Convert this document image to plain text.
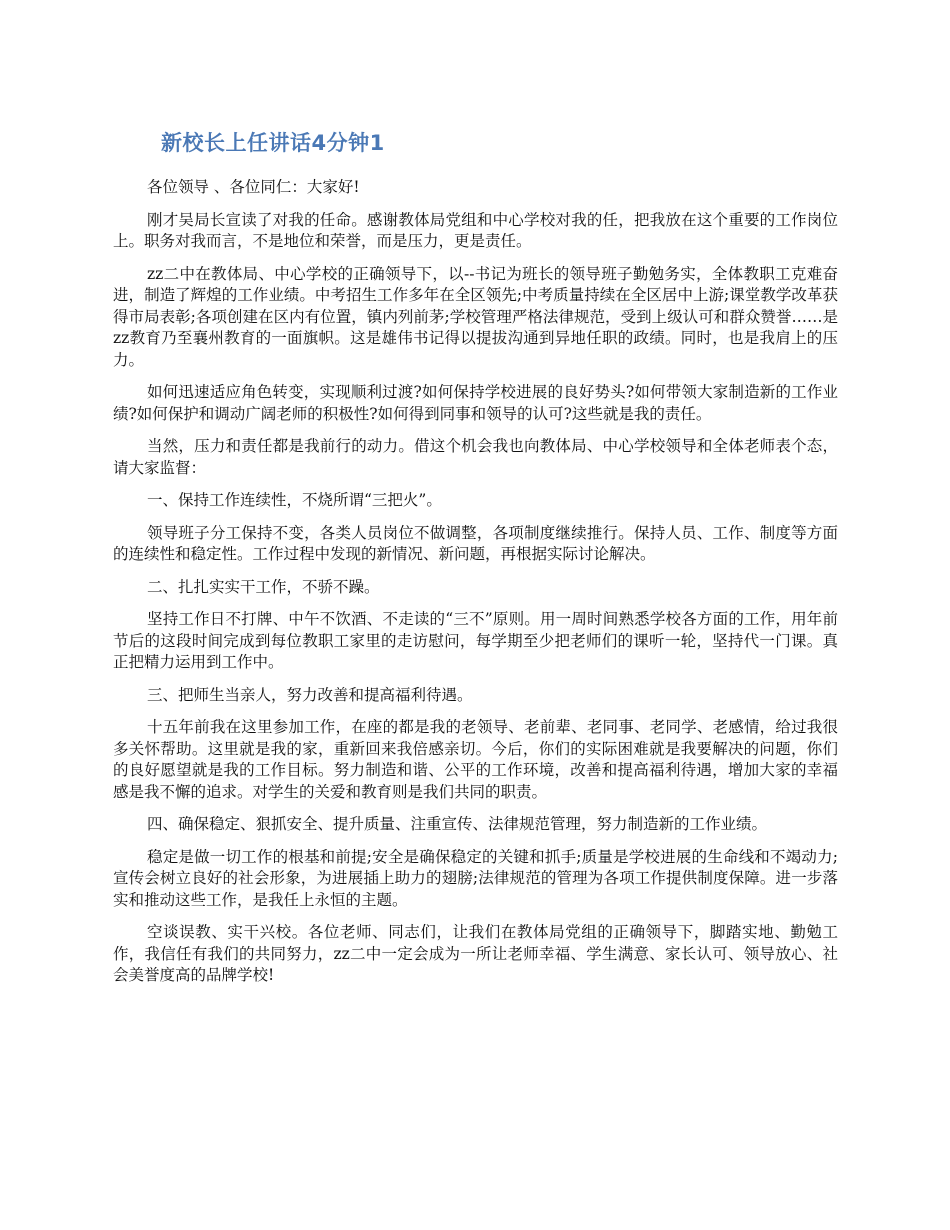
新校长上任讲话4分钟1

各位领导 、各位同仁：大家好!

刚才吴局长宣读了对我的任命。感谢教体局党组和中心学校对我的任，把我放在这个重要的工作岗位上。职务对我而言，不是地位和荣誉，而是压力，更是责任。

zz二中在教体局、中心学校的正确领导下，以--书记为班长的领导班子勤勉务实，全体教职工克难奋进，制造了辉煌的工作业绩。中考招生工作多年在全区领先;中考质量持续在全区居中上游;课堂教学改革获得市局表彰;各项创建在区内有位置，镇内列前茅;学校管理严格法律规范，受到上级认可和群众赞誉……是zz教育乃至襄州教育的一面旗帜。这是雄伟书记得以提拔沟通到异地任职的政绩。同时，也是我肩上的压力。

如何迅速适应角色转变，实现顺利过渡?如何保持学校进展的良好势头?如何带领大家制造新的工作业绩?如何保护和调动广阔老师的积极性?如何得到同事和领导的认可?这些就是我的责任。

当然，压力和责任都是我前行的动力。借这个机会我也向教体局、中心学校领导和全体老师表个态，请大家监督：

一、保持工作连续性，不烧所谓“三把火”。

领导班子分工保持不变，各类人员岗位不做调整，各项制度继续推行。保持人员、工作、制度等方面的连续性和稳定性。工作过程中发现的新情况、新问题，再根据实际讨论解决。

二、扎扎实实干工作，不骄不躁。

坚持工作日不打牌、中午不饮酒、不走读的“三不”原则。用一周时间熟悉学校各方面的工作，用年前节后的这段时间完成到每位教职工家里的走访慰问，每学期至少把老师们的课听一轮，坚持代一门课。真正把精力运用到工作中。

三、把师生当亲人，努力改善和提高福利待遇。

十五年前我在这里参加工作，在座的都是我的老领导、老前辈、老同事、老同学、老感情，给过我很多关怀帮助。这里就是我的家，重新回来我倍感亲切。今后，你们的实际困难就是我要解决的问题，你们的良好愿望就是我的工作目标。努力制造和谐、公平的工作环境，改善和提高福利待遇，增加大家的幸福感是我不懈的追求。对学生的关爱和教育则是我们共同的职责。

四、确保稳定、狠抓安全、提升质量、注重宣传、法律规范管理，努力制造新的工作业绩。

稳定是做一切工作的根基和前提;安全是确保稳定的关键和抓手;质量是学校进展的生命线和不竭动力;宣传会树立良好的社会形象，为进展插上助力的翅膀;法律规范的管理为各项工作提供制度保障。进一步落实和推动这些工作，是我任上永恒的主题。

空谈误教、实干兴校。各位老师、同志们，让我们在教体局党组的正确领导下，脚踏实地、勤勉工作，我信任有我们的共同努力，zz二中一定会成为一所让老师幸福、学生满意、家长认可、领导放心、社会美誉度高的品牌学校!
